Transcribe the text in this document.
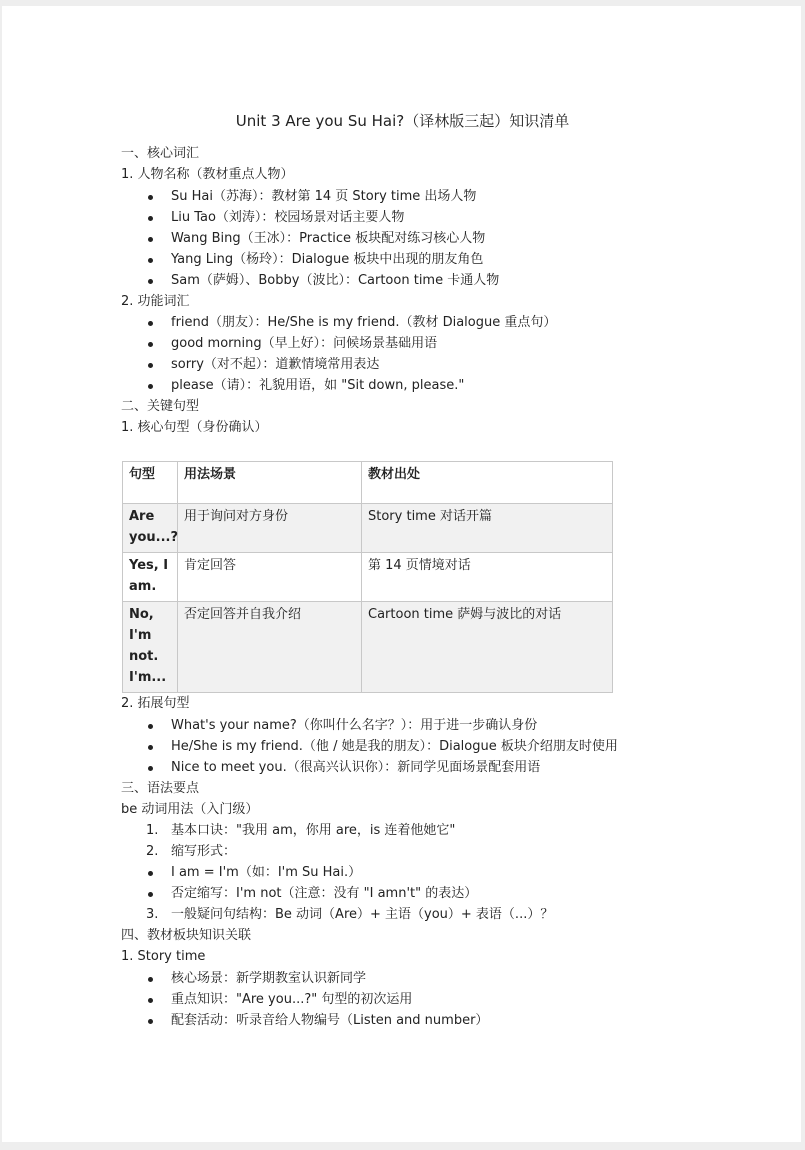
Unit 3 Are you Su Hai?（译林版三起）知识清单
一、核心词汇
1. 人物名称（教材重点人物）
Su Hai（苏海）：教材第 14 页 Story time 出场人物
Liu Tao（刘涛）：校园场景对话主要人物
Wang Bing（王冰）：Practice 板块配对练习核心人物
Yang Ling（杨玲）：Dialogue 板块中出现的朋友角色
Sam（萨姆）、Bobby（波比）：Cartoon time 卡通人物
2. 功能词汇
friend（朋友）：He/She is my friend.（教材 Dialogue 重点句）
good morning（早上好）：问候场景基础用语
sorry（对不起）：道歉情境常用表达
please（请）：礼貌用语，如 "Sit down, please."
二、关键句型
1. 核心句型（身份确认）
句型	用法场景	教材出处
Are you...?	用于询问对方身份	Story time 对话开篇
Yes, I am.	肯定回答	第 14 页情境对话
No, I'm not. I'm...	否定回答并自我介绍	Cartoon time 萨姆与波比的对话
2. 拓展句型
What's your name?（你叫什么名字？）：用于进一步确认身份
He/She is my friend.（他 / 她是我的朋友）：Dialogue 板块介绍朋友时使用
Nice to meet you.（很高兴认识你）：新同学见面场景配套用语
三、语法要点
be 动词用法（入门级）
1. 基本口诀："我用 am，你用 are，is 连着他她它"
2. 缩写形式：
I am = I'm（如：I'm Su Hai.）
否定缩写：I'm not（注意：没有 "I amn't" 的表达）
3. 一般疑问句结构：Be 动词（Are）+ 主语（you）+ 表语（...）？
四、教材板块知识关联
1. Story time
核心场景：新学期教室认识新同学
重点知识："Are you...?" 句型的初次运用
配套活动：听录音给人物编号（Listen and number）
